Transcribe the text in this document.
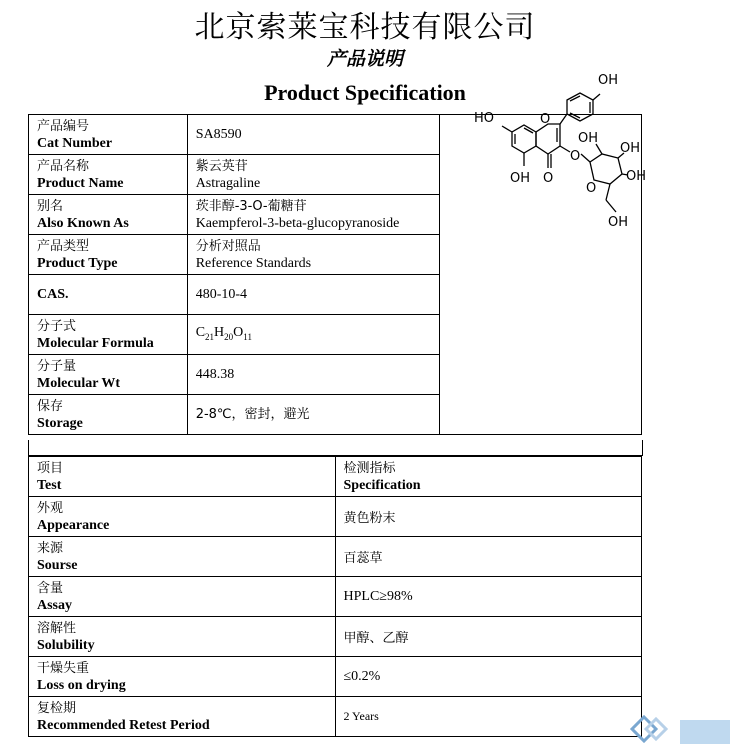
北京索莱宝科技有限公司
产品说明
Product Specification
产品编号
Cat Number	SA8590	

产品名称
Product Name	紫云英苷
Astragaline	

别名
Also Known As	莰非醇-3-O-葡糖苷
Kaempferol-3-beta-glucopyranoside	

产品类型
Product Type	分析对照品
Reference Standards	

CAS.	480-10-4	

分子式
Molecular Formula	$C_{21}H_{20}O_{11}$

分子量
Molecular Wt	448.38	

保存
Storage	2-8℃，密封，避光	
项目
Test	检测指标
Specification

外观
Appearance	黄色粉末

来源
Sourse	百蕊草

含量
Assay	HPLC≥98%

溶解性
Solubility	甲醇、乙醇

干燥失重
Loss on drying	≤0.2%

复检期
Recommended Retest Period	2 Years
OH
O
O
HO
OH
O
OH
OH
OH
O
OH
